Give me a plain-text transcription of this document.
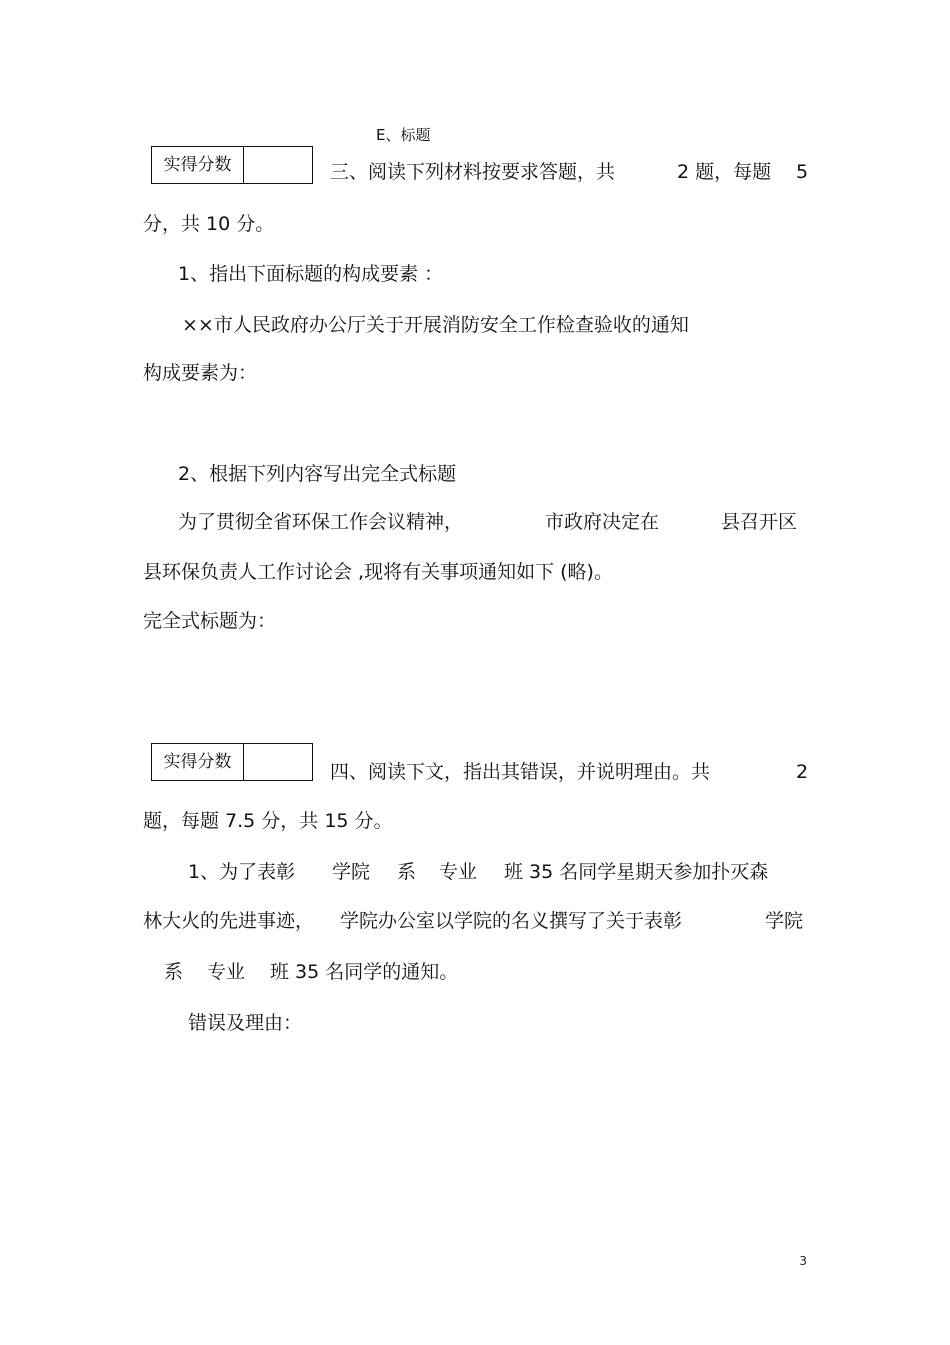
E、标题
实得分数	三、阅读下列材料按要求答题，共	2 题，每题 5
分，共 10 分。
1、指出下面标题的构成要素 ：
××市人民政府办公厅关于开展消防安全工作检查验收的通知
构成要素为：
2、根据下列内容写出完全式标题
为了贯彻全省环保工作会议精神，	市政府决定在	县召开区
县环保负责人工作讨论会 ,现将有关事项通知如下 (略)。
完全式标题为：
实得分数	四、阅读下文，指出其错误，并说明理由。共	2
题，每题 7.5 分，共 15 分。
1、为了表彰 学院 系 专业 班 35 名同学星期天参加扑灭森
林大火的先进事迹， 学院办公室以学院的名义撰写了关于表彰	学院
系 专业 班 35 名同学的通知。
错误及理由：
3
